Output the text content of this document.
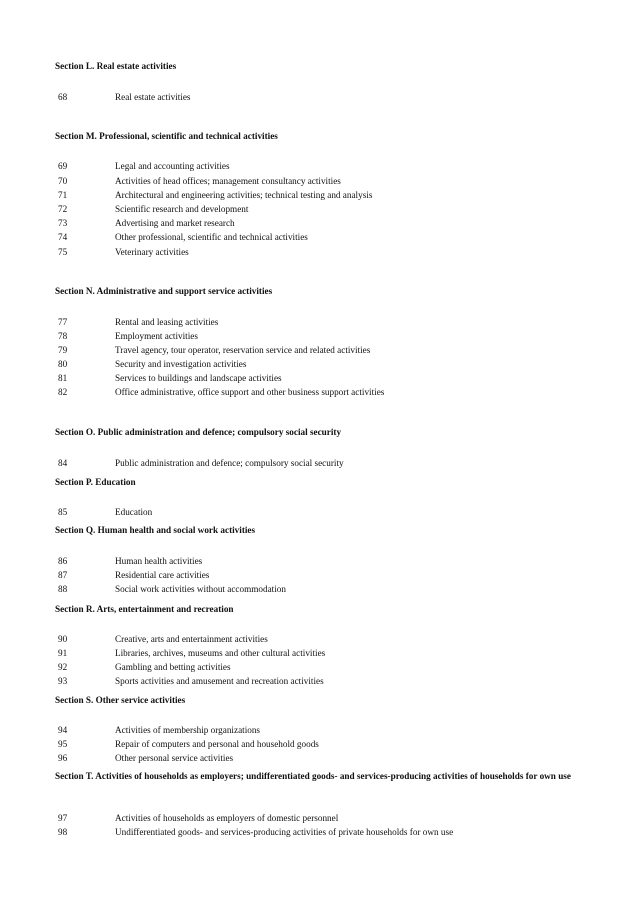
Section L. Real estate activities
68	Real estate activities
Section M. Professional, scientific and technical activities
69	Legal and accounting activities
70	Activities of head offices; management consultancy activities
71	Architectural and engineering activities; technical testing and analysis
72	Scientific research and development
73	Advertising and market research
74	Other professional, scientific and technical activities
75	Veterinary activities
Section N. Administrative and support service activities
77	Rental and leasing activities
78	Employment activities
79	Travel agency, tour operator, reservation service and related activities
80	Security and investigation activities
81	Services to buildings and landscape activities
82	Office administrative, office support and other business support activities
Section O. Public administration and defence; compulsory social security
84	Public administration and defence; compulsory social security
Section P. Education
85	Education
Section Q. Human health and social work activities
86	Human health activities
87	Residential care activities
88	Social work activities without accommodation
Section R. Arts, entertainment and recreation
90	Creative, arts and entertainment activities
91	Libraries, archives, museums and other cultural activities
92	Gambling and betting activities
93	Sports activities and amusement and recreation activities
Section S. Other service activities
94	Activities of membership organizations
95	Repair of computers and personal and household goods
96	Other personal service activities
Section T. Activities of households as employers; undifferentiated goods- and services-producing activities of households for own use
97	Activities of households as employers of domestic personnel
98	Undifferentiated goods- and services-producing activities of private households for own use
